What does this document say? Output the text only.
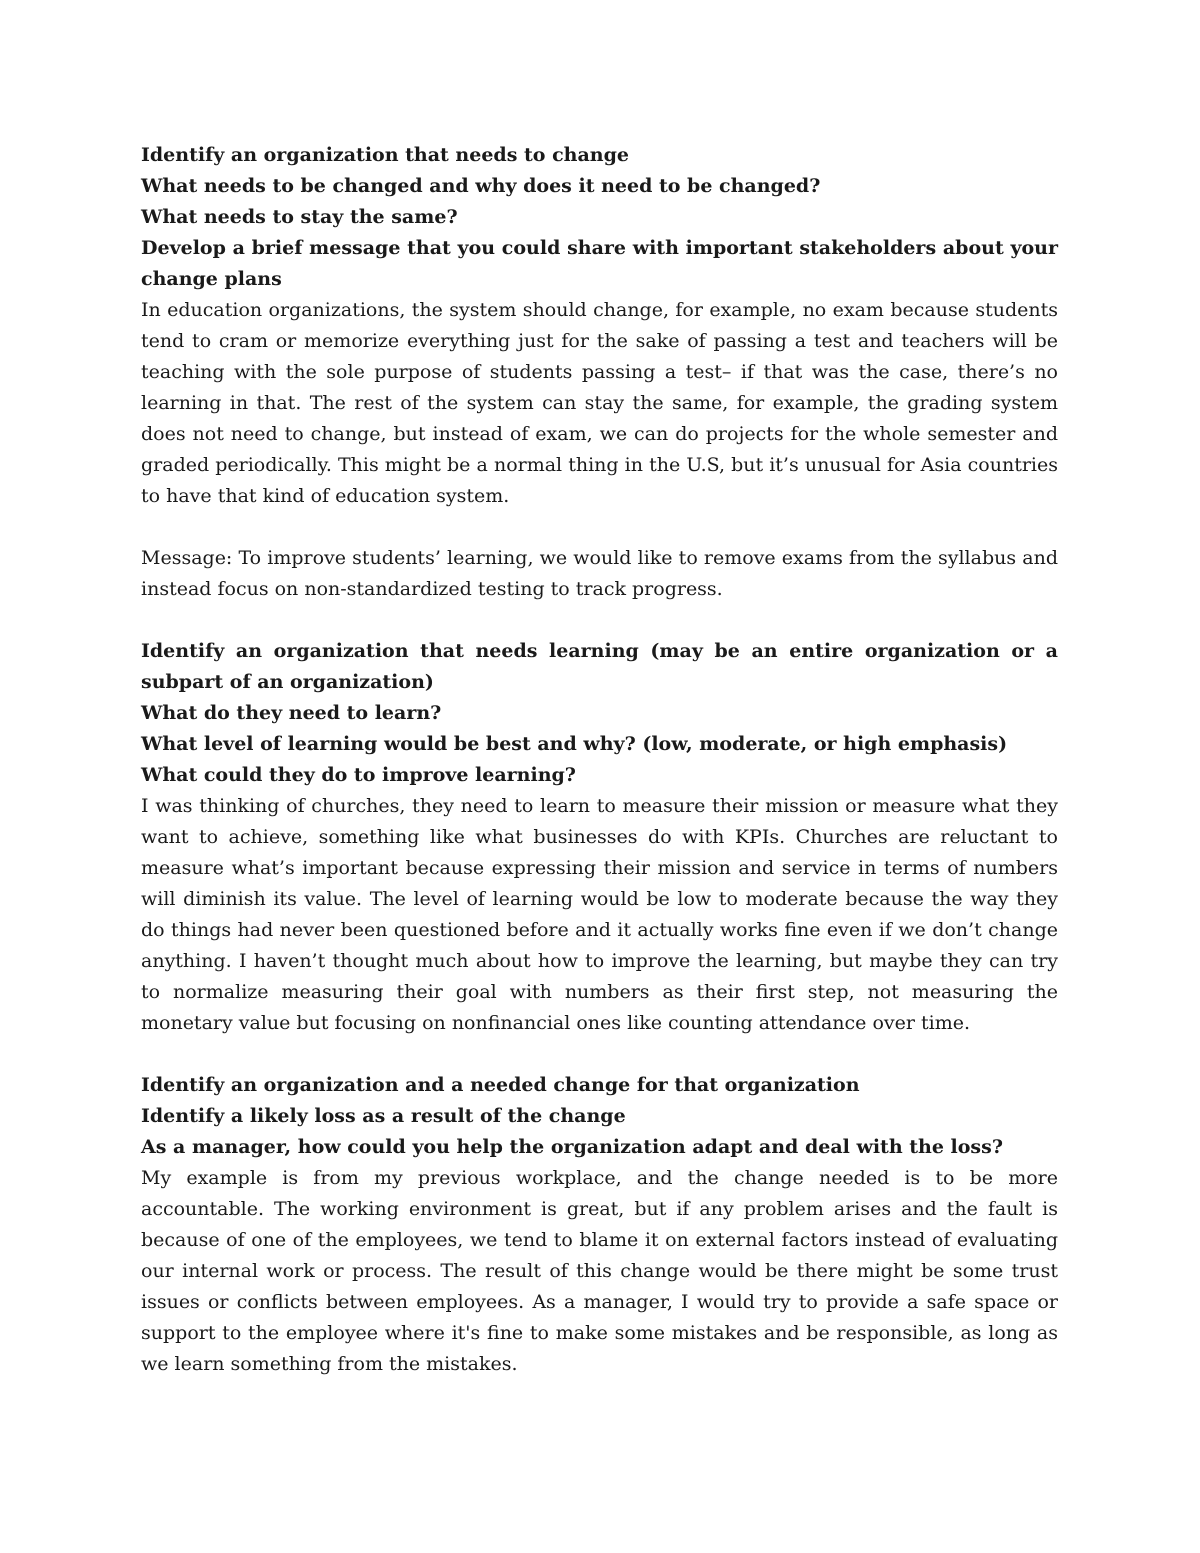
Identify an organization that needs to change

What needs to be changed and why does it need to be changed?

What needs to stay the same?

Develop a brief message that you could share with important stakeholders about your change plans

In education organizations, the system should change, for example, no exam because students tend to cram or memorize everything just for the sake of passing a test and teachers will be teaching with the sole purpose of students passing a test– if that was the case, there’s no learning in that. The rest of the system can stay the same, for example, the grading system does not need to change, but instead of exam, we can do projects for the whole semester and graded periodically. This might be a normal thing in the U.S, but it’s unusual for Asia countries to have that kind of education system.

Message: To improve students’ learning, we would like to remove exams from the syllabus and instead focus on non-standardized testing to track progress.

Identify an organization that needs learning (may be an entire organization or a subpart of an organization)

What do they need to learn?

What level of learning would be best and why? (low, moderate, or high emphasis)

What could they do to improve learning?

I was thinking of churches, they need to learn to measure their mission or measure what they want to achieve, something like what businesses do with KPIs. Churches are reluctant to measure what’s important because expressing their mission and service in terms of numbers will diminish its value. The level of learning would be low to moderate because the way they do things had never been questioned before and it actually works fine even if we don’t change anything. I haven’t thought much about how to improve the learning, but maybe they can try to normalize measuring their goal with numbers as their first step, not measuring the monetary value but focusing on nonfinancial ones like counting attendance over time.

Identify an organization and a needed change for that organization

Identify a likely loss as a result of the change

As a manager, how could you help the organization adapt and deal with the loss?

My example is from my previous workplace, and the change needed is to be more accountable. The working environment is great, but if any problem arises and the fault is because of one of the employees, we tend to blame it on external factors instead of evaluating our internal work or process. The result of this change would be there might be some trust issues or conflicts between employees. As a manager, I would try to provide a safe space or support to the employee where it's fine to make some mistakes and be responsible, as long as we learn something from the mistakes.
